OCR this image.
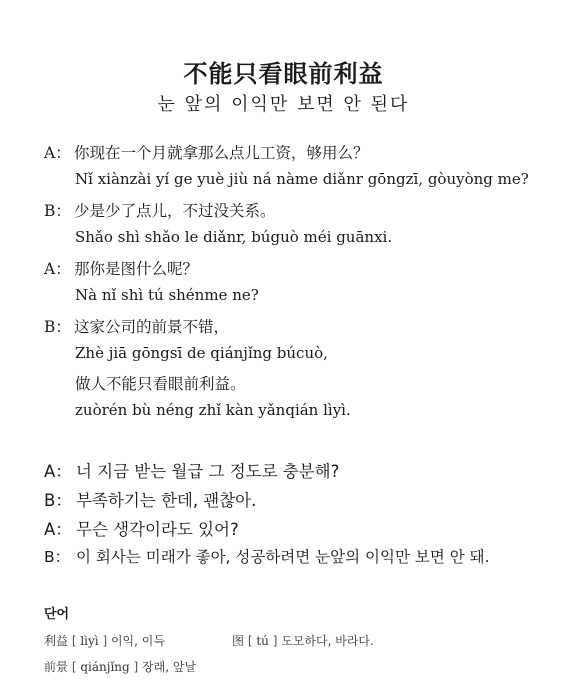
不能只看眼前利益
눈 앞의 이익만 보면 안 된다
A： 你现在一个月就拿那么点儿工资，够用么？
Nǐ xiànzài yí ge yuè jiù ná nàme diǎnr gōngzī, gòuyòng me?
B： 少是少了点儿，不过没关系。
Shǎo shì shǎo le diǎnr, búguò méi guānxi.
A： 那你是图什么呢？
Nà nǐ shì tú shénme ne?
B： 这家公司的前景不错，
Zhè jiā gōngsī de qiánjǐng búcuò,
做人不能只看眼前利益。
zuòrén bù néng zhǐ kàn yǎnqián lìyì.
A： 너 지금 받는 월급 그 정도로 충분해?
B： 부족하기는 한데, 괜찮아.
A： 무슨 생각이라도 있어?
B： 이 회사는 미래가 좋아, 성공하려면 눈앞의 이익만 보면 안 돼.
단어
利益 [ lìyì ] 이익, 이득	图 [ tú ] 도모하다, 바라다.
前景 [ qiánjǐng ] 장래, 앞날
